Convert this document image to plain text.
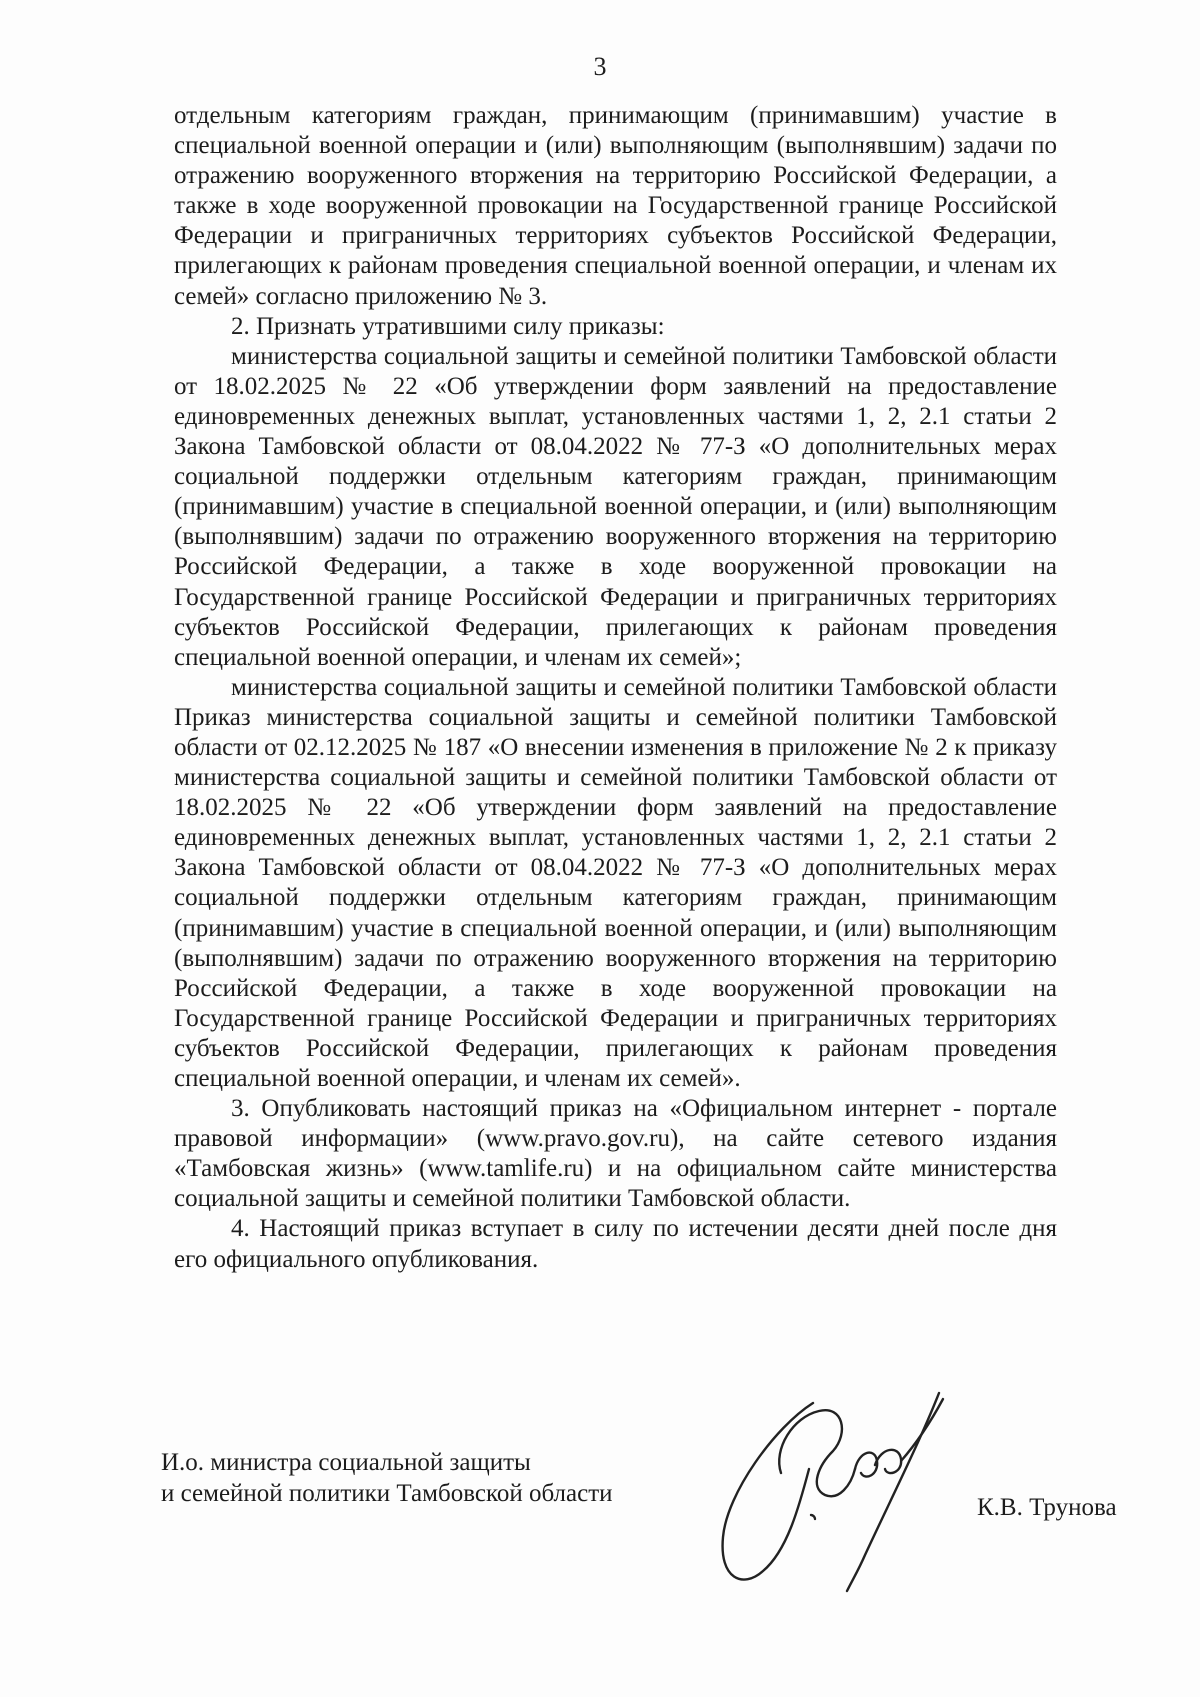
3

отдельным категориям граждан, принимающим (принимавшим) участие в специальной военной операции и (или) выполняющим (выполнявшим) задачи по отражению вооруженного вторжения на территорию Российской Федерации, а также в ходе вооруженной провокации на Государственной границе Российской Федерации и приграничных территориях субъектов Российской Федерации, прилегающих к районам проведения специальной военной операции, и членам их семей» согласно приложению № 3.

2. Признать утратившими силу приказы:

министерства социальной защиты и семейной политики Тамбовской области от 18.02.2025 № 22 «Об утверждении форм заявлений на предоставление единовременных денежных выплат, установленных частями 1, 2, 2.1 статьи 2 Закона Тамбовской области от 08.04.2022 № 77-З «О дополнительных мерах социальной поддержки отдельным категориям граждан, принимающим (принимавшим) участие в специальной военной операции, и (или) выполняющим (выполнявшим) задачи по отражению вооруженного вторжения на территорию Российской Федерации, а также в ходе вооруженной провокации на Государственной границе Российской Федерации и приграничных территориях субъектов Российской Федерации, прилегающих к районам проведения специальной военной операции, и членам их семей»;

министерства социальной защиты и семейной политики Тамбовской области Приказ министерства социальной защиты и семейной политики Тамбовской области от 02.12.2025 № 187 «О внесении изменения в приложение № 2 к приказу министерства социальной защиты и семейной политики Тамбовской области от 18.02.2025 № 22 «Об утверждении форм заявлений на предоставление единовременных денежных выплат, установленных частями 1, 2, 2.1 статьи 2 Закона Тамбовской области от 08.04.2022 № 77-З «О дополнительных мерах социальной поддержки отдельным категориям граждан, принимающим (принимавшим) участие в специальной военной операции, и (или) выполняющим (выполнявшим) задачи по отражению вооруженного вторжения на территорию Российской Федерации, а также в ходе вооруженной провокации на Государственной границе Российской Федерации и приграничных территориях субъектов Российской Федерации, прилегающих к районам проведения специальной военной операции, и членам их семей».

3. Опубликовать настоящий приказ на «Официальном интернет - портале правовой информации» (www.pravo.gov.ru), на сайте сетевого издания «Тамбовская жизнь» (www.tamlife.ru) и на официальном сайте министерства социальной защиты и семейной политики Тамбовской области.

4. Настоящий приказ вступает в силу по истечении десяти дней после дня его официального опубликования.

И.о. министра социальной защиты
и семейной политики Тамбовской области
К.В. Трунова
